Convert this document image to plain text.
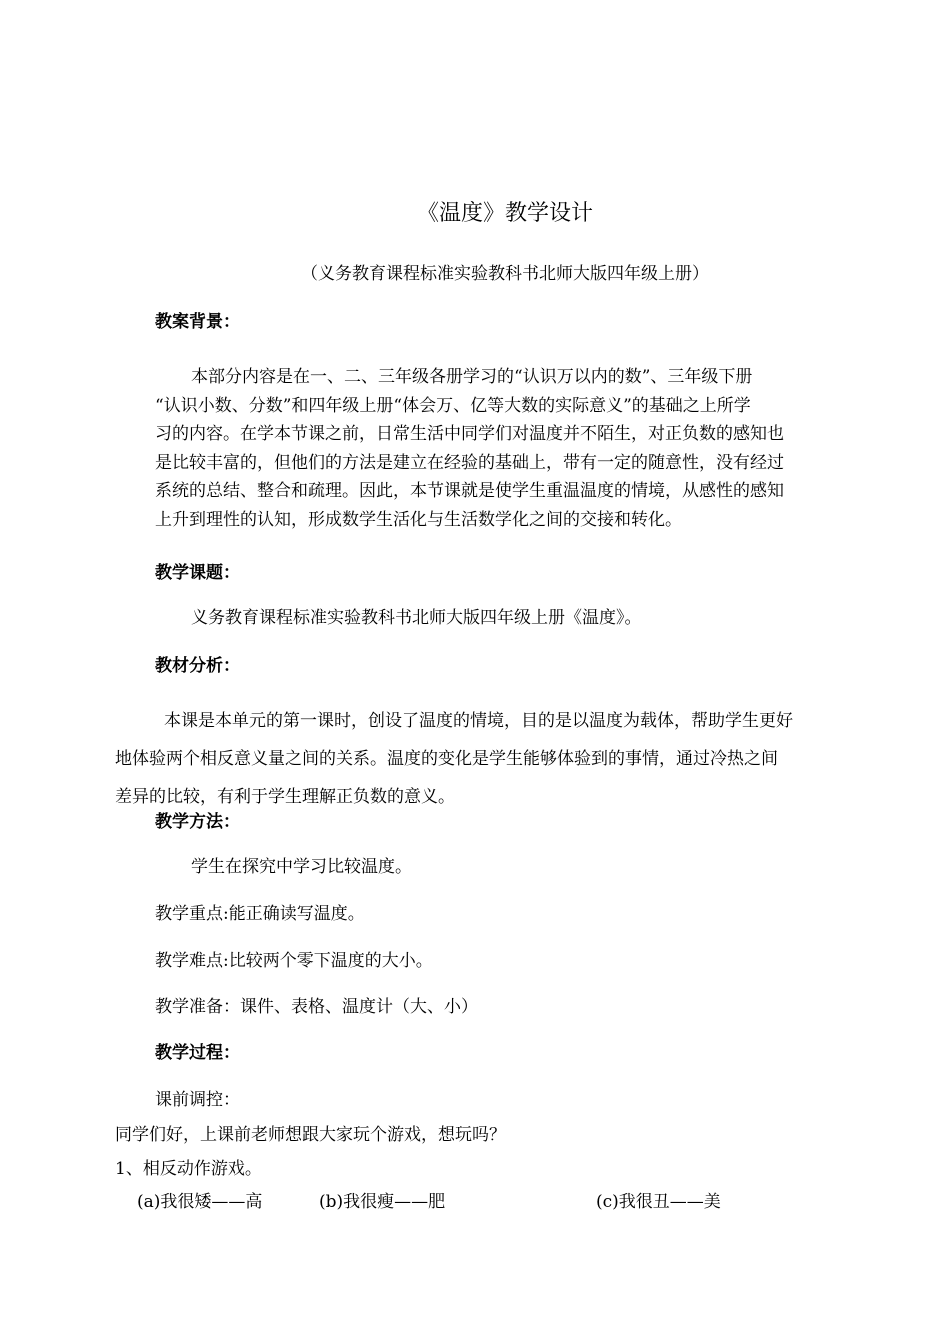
《温度》教学设计
（义务教育课程标准实验教科书北师大版四年级上册）
教案背景：
本部分内容是在一、二、三年级各册学习的“认识万以内的数”、三年级下册
“认识小数、分数”和四年级上册“体会万、亿等大数的实际意义”的基础之上所学
习的内容。在学本节课之前，日常生活中同学们对温度并不陌生，对正负数的感知也
是比较丰富的，但他们的方法是建立在经验的基础上，带有一定的随意性，没有经过
系统的总结、整合和疏理。因此，本节课就是使学生重温温度的情境，从感性的感知
上升到理性的认知，形成数学生活化与生活数学化之间的交接和转化。
教学课题：
义务教育课程标准实验教科书北师大版四年级上册《温度》。
教材分析：
本课是本单元的第一课时，创设了温度的情境，目的是以温度为载体，帮助学生更好
地体验两个相反意义量之间的关系。温度的变化是学生能够体验到的事情，通过冷热之间
差异的比较，有利于学生理解正负数的意义。
教学方法：
学生在探究中学习比较温度。
教学重点:能正确读写温度。
教学难点:比较两个零下温度的大小。
教学准备：课件、表格、温度计（大、小）
教学过程：
课前调控：
同学们好，上课前老师想跟大家玩个游戏，想玩吗？
1、相反动作游戏。
(a)我很矮——高	(b)我很瘦——肥	(c)我很丑——美
